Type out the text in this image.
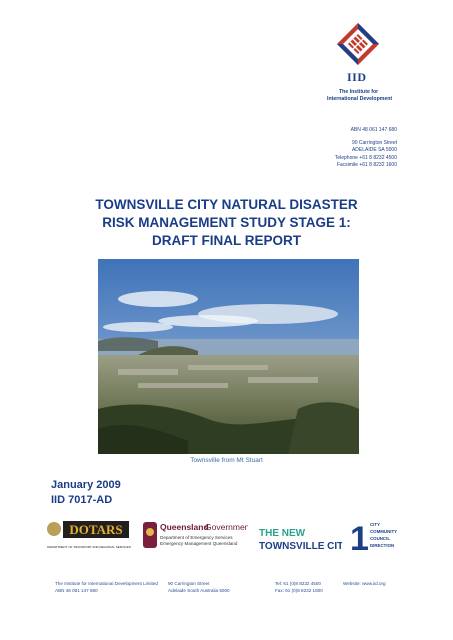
IID
The Institute for
International Development
ABN 48 061 147 680
90 Carrington Street
ADELAIDE SA 5000
Telephone +61 8 8232 4500
Facsimile +61 8 8232 1600
TOWNSVILLE CITY NATURAL DISASTER
RISK MANAGEMENT STUDY STAGE 1:
DRAFT FINAL REPORT
Townsville from Mt Stuart
January 2009
IID 7017-AD
DOTARS
DEPARTMENT OF TRANSPORT AND REGIONAL SERVICES
Queensland
Government
Department of Emergency Services
Emergency Management Queensland
THE NEW
TOWNSVILLE CITY 1 CITY
COMMUNITY
COUNCIL
DIRECTION
The Institute for International Development Limited
ABN 48 061 147 680
90 Carrington Street
Adelaide South Australia 5000
Tel: 61 (0)8 8232 4500
Fax: 61 (0)8 8232 1600
Website: www.iid.org
